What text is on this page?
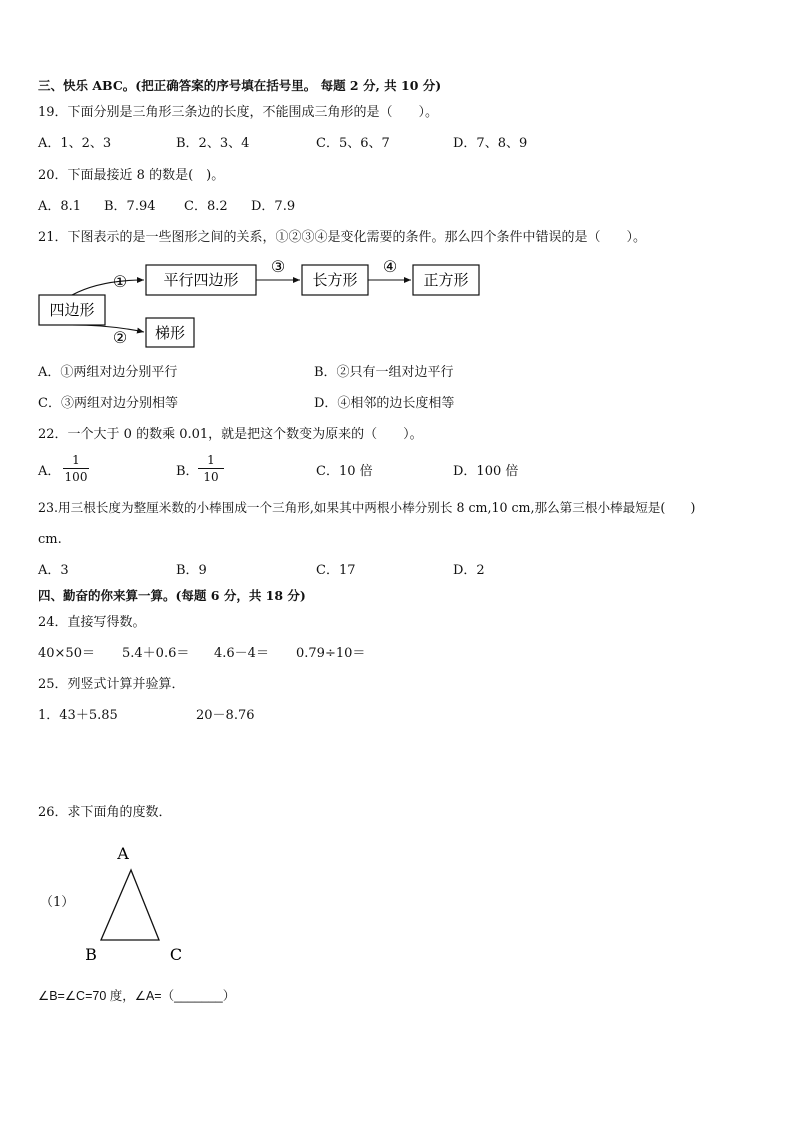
三、快乐 ABC。(把正确答案的序号填在括号里。 每题 2 分, 共 10 分)
19．下面分别是三角形三条边的长度，不能围成三角形的是（　　）。
A．1、2、3	B．2、3、4	C．5、6、7	D．7、8、9
20．下面最接近 8 的数是(　)。
A．8.1 B．7.94 C．8.2 D．7.9
21．下图表示的是一些图形之间的关系，①②③④是变化需要的条件。那么四个条件中错误的是（　　）。
四边形
平行四边形	长方形	正方形
梯形
①
②
③	④
A．①两组对边分别平行	B．②只有一组对边平行
C．③两组对边分别相等	D．④相邻的边长度相等
22．一个大于 0 的数乘 0.01，就是把这个数变为原来的（　　）。
A． $\frac{1}{100}$	B． $\frac{1}{10}$	C．10 倍	D．100 倍
23.用三根长度为整厘米数的小棒围成一个三角形,如果其中两根小棒分别长 8 cm,10 cm,那么第三根小棒最短是(　　)
cm.
A．3	B．9	C．17	D．2
四、勤奋的你来算一算。(每题 6 分，共 18 分)
24．直接写得数。
40×50＝ 5.4＋0.6＝ 4.6－4＝ 0.79÷10＝
25．列竖式计算并验算．
1．43＋5.85	20－8.76
26．求下面角的度数．
（1）
A
B	C
∠B=∠C=70 度，∠A=（_______）
